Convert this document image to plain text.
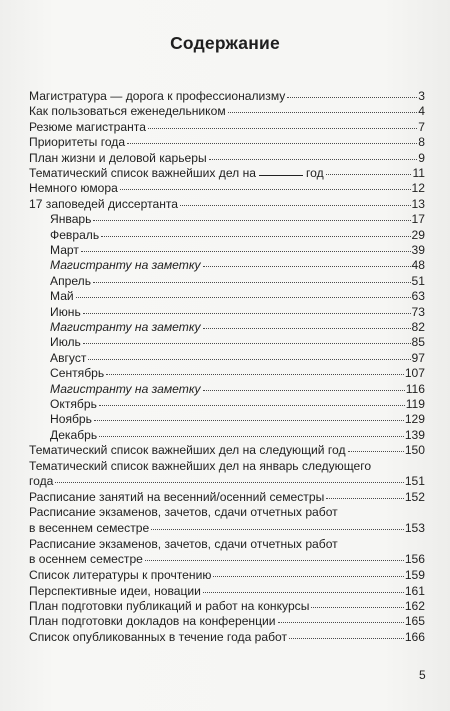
Содержание
Магистратура — дорога к профессионализму	3
Как пользоваться еженедельником	4
Резюме магистранта	7
Приоритеты года	8
План жизни и деловой карьеры	9
Тематический список важнейших дел на	год	11
Немного юмора	12
17 заповедей диссертанта	13
Январь	17
Февраль	29
Март	39
Магистранту на заметку	48
Апрель	51
Май	63
Июнь	73
Магистранту на заметку	82
Июль	85
Август	97
Сентябрь	107
Магистранту на заметку	116
Октябрь	119
Ноябрь	129
Декабрь	139
Тематический список важнейших дел на следующий год	150
Тематический список важнейших дел на январь следующего
года	151
Расписание занятий на весенний/осенний семестры	152
Расписание экзаменов, зачетов, сдачи отчетных работ
в весеннем семестре	153
Расписание экзаменов, зачетов, сдачи отчетных работ
в осеннем семестре	156
Список литературы к прочтению	159
Перспективные идеи, новации	161
План подготовки публикаций и работ на конкурсы	162
План подготовки докладов на конференции	165
Список опубликованных в течение года работ	166
5
